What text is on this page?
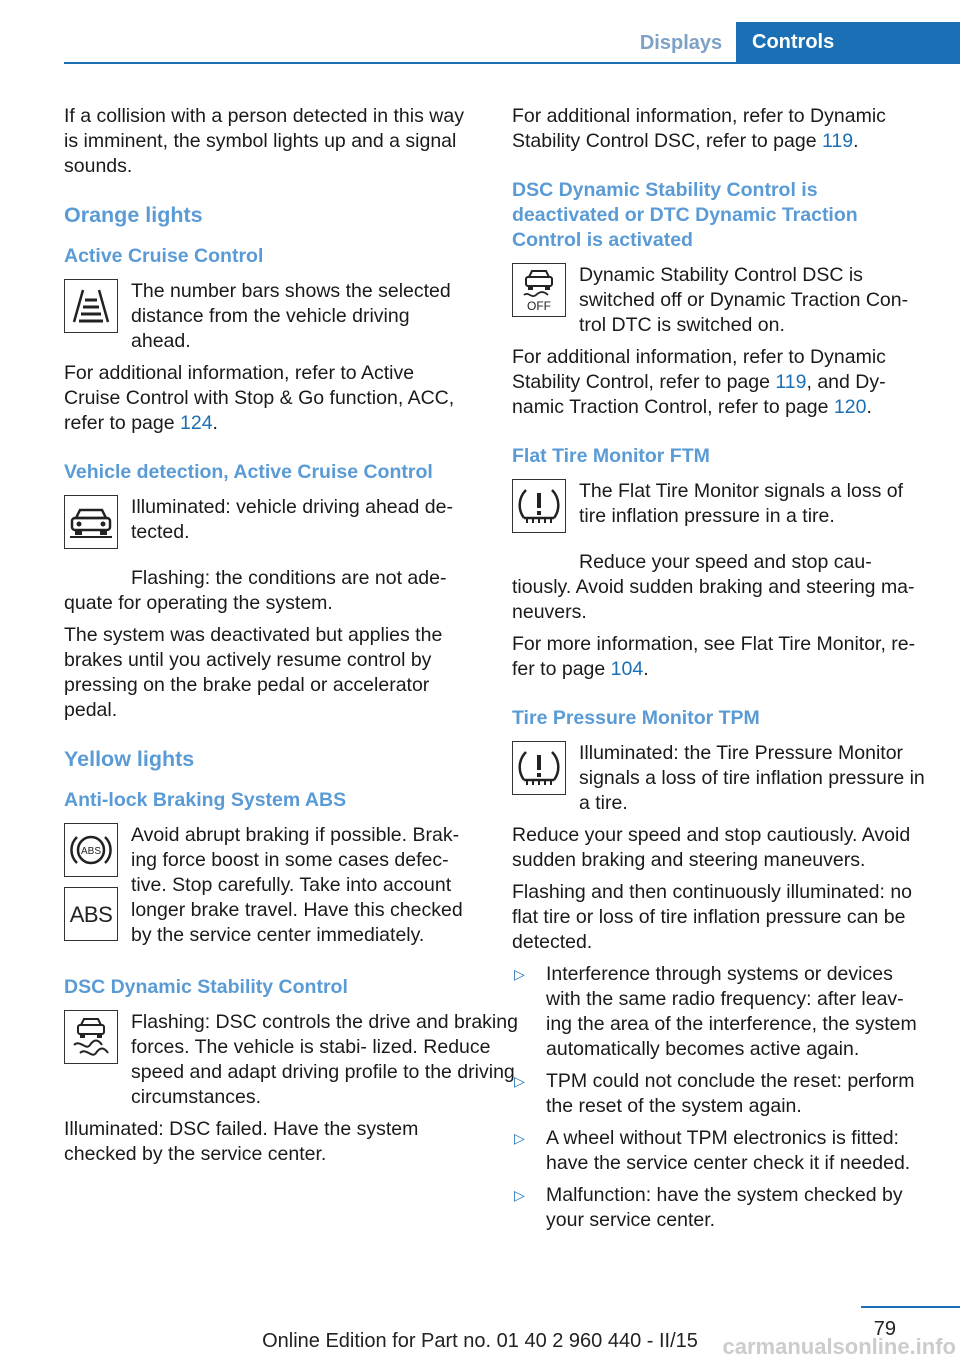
Displays	Controls

If a collision with a person detected in this way is imminent, the symbol lights up and a signal sounds.

Orange lights
Active Cruise Control
The number bars shows the selected distance from the vehicle driving ahead.

For additional information, refer to Active Cruise Control with Stop & Go function, ACC, refer to page 124.

Vehicle detection, Active Cruise Control
Illuminated: vehicle driving ahead de‐ tected.

Flashing: the conditions are not ade‐ quate for operating the system.

The system was deactivated but applies the brakes until you actively resume control by pressing on the brake pedal or accelerator pedal.

Yellow lights
Anti-lock Braking System ABS
ABS
ABS
Avoid abrupt braking if possible. Brak‐ ing force boost in some cases defec‐ tive. Stop carefully. Take into account longer brake travel. Have this checked by the service center immediately.
DSC Dynamic Stability Control
Flashing: DSC controls the drive and braking forces. The vehicle is stabi‐ lized. Reduce speed and adapt driving profile to the driving circumstances.

Illuminated: DSC failed. Have the system checked by the service center.

For additional information, refer to Dynamic Stability Control DSC, refer to page 119.

DSC Dynamic Stability Control is deactivated or DTC Dynamic Traction Control is activated
OFF
Dynamic Stability Control DSC is switched off or Dynamic Traction Con‐ trol DTC is switched on.

For additional information, refer to Dynamic Stability Control, refer to page 119, and Dy‐ namic Traction Control, refer to page 120.

Flat Tire Monitor FTM
The Flat Tire Monitor signals a loss of tire inflation pressure in a tire.

Reduce your speed and stop cau‐ tiously. Avoid sudden braking and steering ma‐ neuvers.

For more information, see Flat Tire Monitor, re‐ fer to page 104.

Tire Pressure Monitor TPM
Illuminated: the Tire Pressure Monitor signals a loss of tire inflation pressure in a tire.

Reduce your speed and stop cautiously. Avoid sudden braking and steering maneuvers.

Flashing and then continuously illuminated: no flat tire or loss of tire inflation pressure can be detected.

▷ Interference through systems or devices with the same radio frequency: after leav‐ ing the area of the interference, the system automatically becomes active again.
▷ TPM could not conclude the reset: perform the reset of the system again.
▷ A wheel without TPM electronics is fitted: have the service center check it if needed.
▷ Malfunction: have the system checked by your service center.
79
Online Edition for Part no. 01 40 2 960 440 - II/15	carmanualsonline.info
